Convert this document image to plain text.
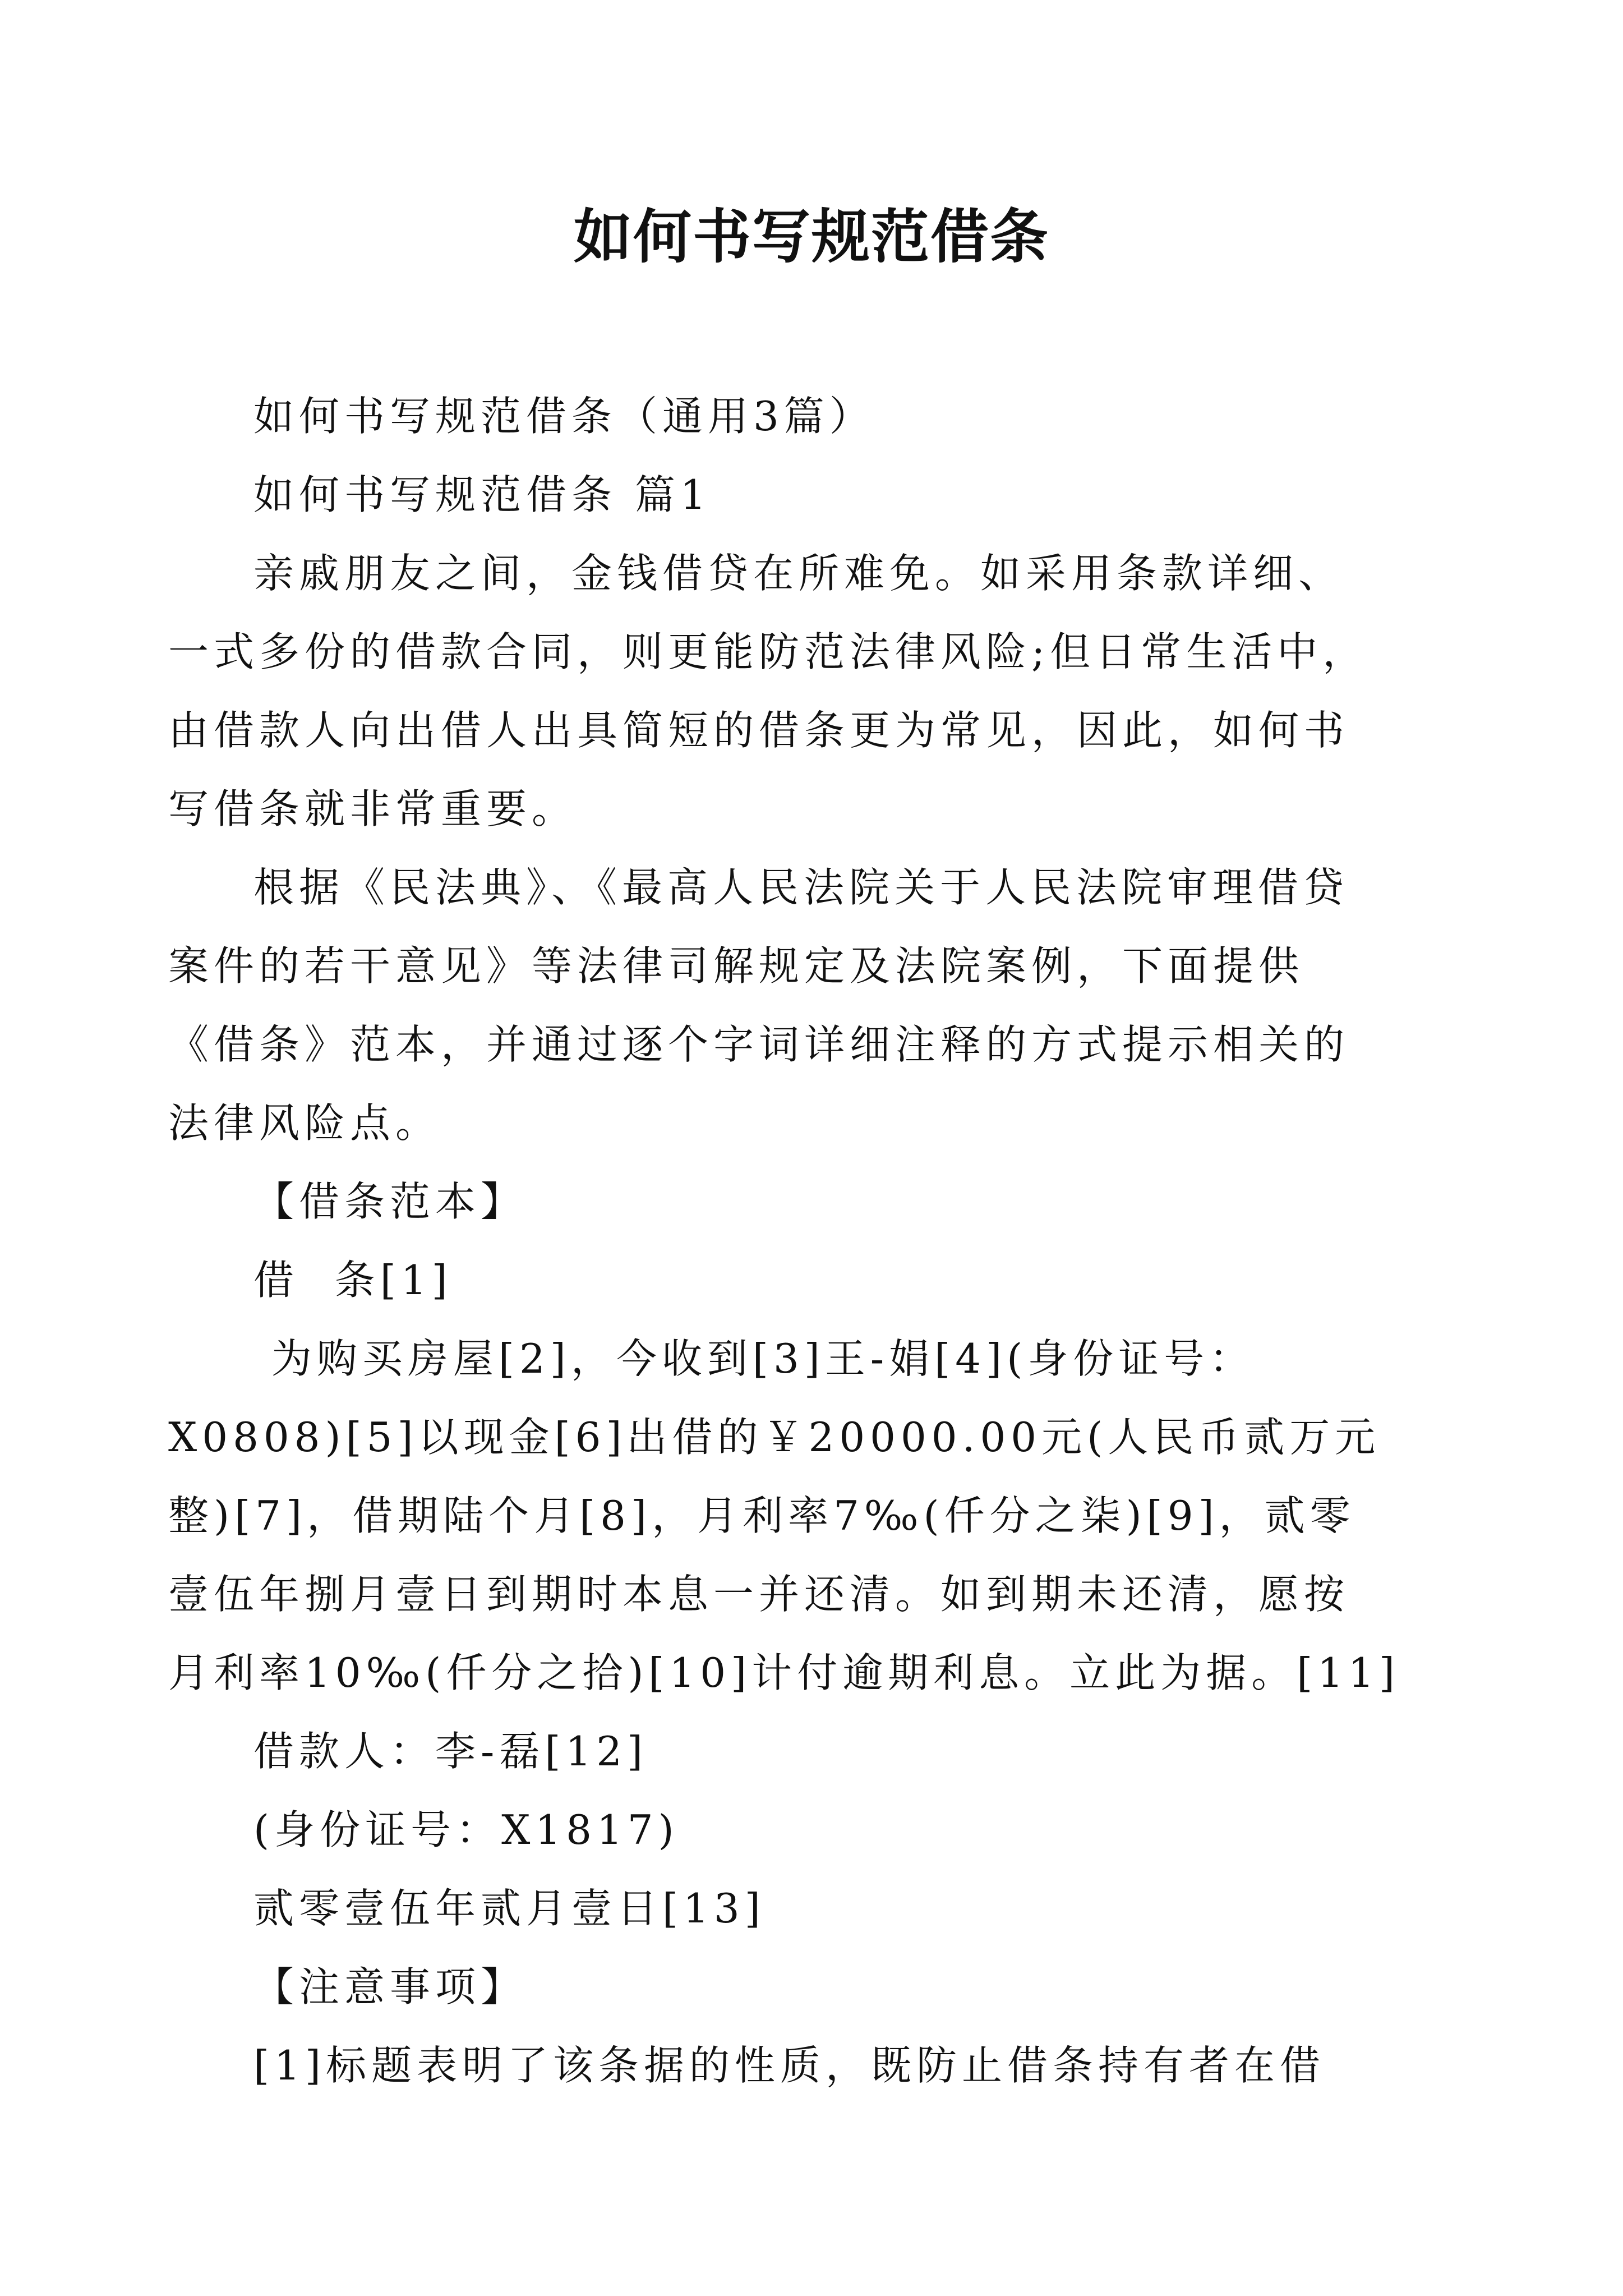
如何书写规范借条

如何书写规范借条（通用3篇）

如何书写规范借条 篇1

亲戚朋友之间，金钱借贷在所难免。如采用条款详细、

一式多份的借款合同，则更能防范法律风险;但日常生活中，

由借款人向出借人出具简短的借条更为常见，因此，如何书

写借条就非常重要。

根据《民法典》、《最高人民法院关于人民法院审理借贷

案件的若干意见》等法律司解规定及法院案例，下面提供

《借条》范本，并通过逐个字词详细注释的方式提示相关的

法律风险点。

【借条范本】

借  条[1]

为购买房屋[2]，今收到[3]王-娟[4](身份证号：

X0808)[5]以现金[6]出借的￥20000.00元(人民币贰万元

整)[7]，借期陆个月[8]，月利率7‰(仟分之柒)[9]，贰零

壹伍年捌月壹日到期时本息一并还清。如到期未还清，愿按

月利率10‰(仟分之拾)[10]计付逾期利息。立此为据。[11]

借款人：李-磊[12]

(身份证号：X1817)

贰零壹伍年贰月壹日[13]

【注意事项】

[1]标题表明了该条据的性质，既防止借条持有者在借
